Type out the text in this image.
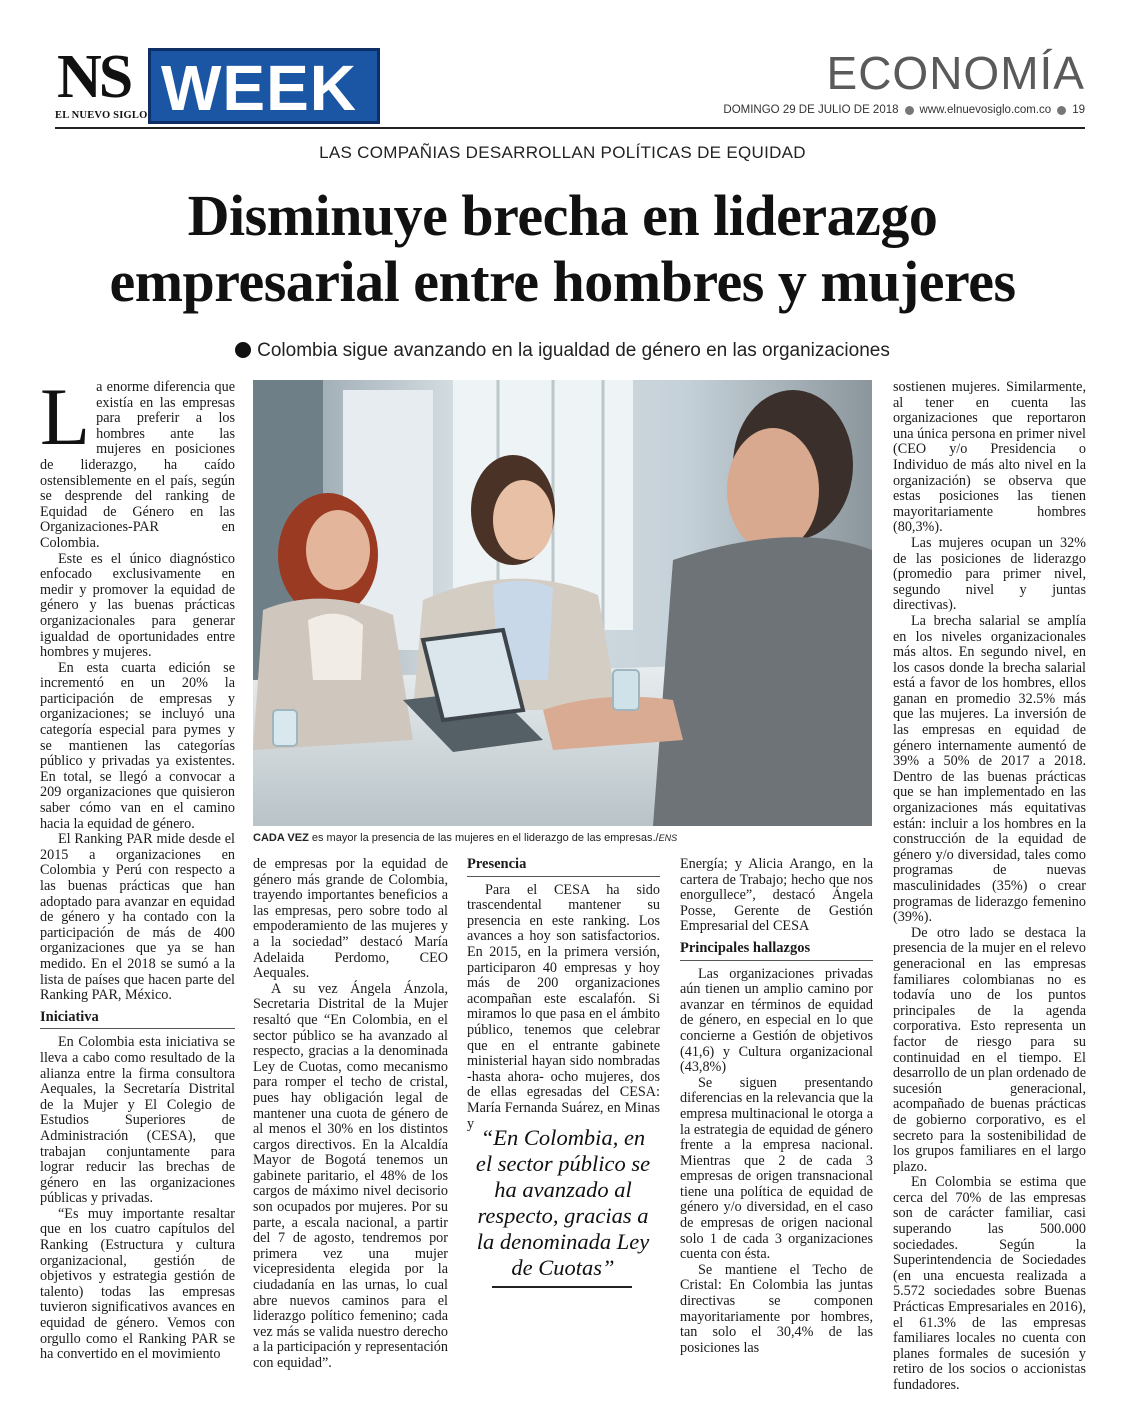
NS
EL NUEVO SIGLO WEEK	ECONOMÍA
DOMINGO 29 DE JULIO DE 2018 www.elnuevosiglo.com.co 19
LAS COMPAÑIAS DESARROLLAN POLÍTICAS DE EQUIDAD
Disminuye brecha en liderazgo
empresarial entre hombres y mujeres
Colombia sigue avanzando en la igualdad de género en las organizaciones

La enorme diferencia que existía en las empresas para preferir a los hombres ante las mujeres en posiciones de liderazgo, ha caído ostensiblemente en el país, según se desprende del ranking de Equidad de Género en las Organizaciones-PAR en Colombia.

Este es el único diagnóstico enfocado exclusivamente en medir y promover la equidad de género y las buenas prácticas organizacionales para generar igualdad de oportunidades entre hombres y mujeres.

En esta cuarta edición se incrementó en un 20% la participación de empresas y organizaciones; se incluyó una categoría especial para pymes y se mantienen las categorías público y privadas ya existentes. En total, se llegó a convocar a 209 organizaciones que quisieron saber cómo van en el camino hacia la equidad de género.

El Ranking PAR mide desde el 2015 a organizaciones en Colombia y Perú con respecto a las buenas prácticas que han adoptado para avanzar en equidad de género y ha contado con la participación de más de 400 organizaciones que ya se han medido. En el 2018 se sumó a la lista de países que hacen parte del Ranking PAR, México.

Iniciativa

En Colombia esta iniciativa se lleva a cabo como resultado de la alianza entre la firma consultora Aequales, la Secretaría Distrital de la Mujer y El Colegio de Estudios Superiores de Administración (CESA), que trabajan conjuntamente para lograr reducir las brechas de género en las organizaciones públicas y privadas.

“Es muy importante resaltar que en los cuatro capítulos del Ranking (Estructura y cultura organizacional, gestión de objetivos y estrategia gestión de talento) todas las empresas tuvieron significativos avances en equidad de género. Vemos con orgullo como el Ranking PAR se ha convertido en el movimiento

CADA VEZ es mayor la presencia de las mujeres en el liderazgo de las empresas./ENS

de empresas por la equidad de género más grande de Colombia, trayendo importantes beneficios a las empresas, pero sobre todo al empoderamiento de las mujeres y a la sociedad” destacó María Adelaida Perdomo, CEO Aequales.

A su vez Ángela Ánzola, Secretaria Distrital de la Mujer resaltó que “En Colombia, en el sector público se ha avanzado al respecto, gracias a la denominada Ley de Cuotas, como mecanismo para romper el techo de cristal, pues hay obligación legal de mantener una cuota de género de al menos el 30% en los distintos cargos directivos. En la Alcaldía Mayor de Bogotá tenemos un gabinete paritario, el 48% de los cargos de máximo nivel decisorio son ocupados por mujeres. Por su parte, a escala nacional, a partir del 7 de agosto, tendremos por primera vez una mujer vicepresidenta elegida por la ciudadanía en las urnas, lo cual abre nuevos caminos para el liderazgo político femenino; cada vez más se valida nuestro derecho a la participación y representación con equidad”.

Presencia

Para el CESA ha sido trascendental mantener su presencia en este ranking. Los avances a hoy son satisfactorios. En 2015, en la primera versión, participaron 40 empresas y hoy más de 200 organizaciones acompañan este escalafón. Si miramos lo que pasa en el ámbito público, tenemos que celebrar que en el entrante gabinete ministerial hayan sido nombradas -hasta ahora- ocho mujeres, dos de ellas egresadas del CESA: María Fernanda Suárez, en Minas y

“En Colombia, en el sector público se ha avanzado al respecto, gracias a la denominada Ley de Cuotas”

Energía; y Alicia Arango, en la cartera de Trabajo; hecho que nos enorgullece”, destacó Ángela Posse, Gerente de Gestión Empresarial del CESA

Principales hallazgos

Las organizaciones privadas aún tienen un amplio camino por avanzar en términos de equidad de género, en especial en lo que concierne a Gestión de objetivos (41,6) y Cultura organizacional (43,8%)

Se siguen presentando diferencias en la relevancia que la empresa multinacional le otorga a la estrategia de equidad de género frente a la empresa nacional. Mientras que 2 de cada 3 empresas de origen transnacional tiene una política de equidad de género y/o diversidad, en el caso de empresas de origen nacional solo 1 de cada 3 organizaciones cuenta con ésta.

Se mantiene el Techo de Cristal: En Colombia las juntas directivas se componen mayoritariamente por hombres, tan solo el 30,4% de las posiciones las

sostienen mujeres. Similarmente, al tener en cuenta las organizaciones que reportaron una única persona en primer nivel (CEO y/o Presidencia o Individuo de más alto nivel en la organización) se observa que estas posiciones las tienen mayoritariamente hombres (80,3%).

Las mujeres ocupan un 32% de las posiciones de liderazgo (promedio para primer nivel, segundo nivel y juntas directivas).

La brecha salarial se amplía en los niveles organizacionales más altos. En segundo nivel, en los casos donde la brecha salarial está a favor de los hombres, ellos ganan en promedio 32.5% más que las mujeres. La inversión de las empresas en equidad de género internamente aumentó de 39% a 50% de 2017 a 2018. Dentro de las buenas prácticas que se han implementado en las organizaciones más equitativas están: incluir a los hombres en la construcción de la equidad de género y/o diversidad, tales como programas de nuevas masculinidades (35%) o crear programas de liderazgo femenino (39%).

De otro lado se destaca la presencia de la mujer en el relevo generacional en las empresas familiares colombianas no es todavía uno de los puntos principales de la agenda corporativa. Esto representa un factor de riesgo para su continuidad en el tiempo. El desarrollo de un plan ordenado de sucesión generacional, acompañado de buenas prácticas de gobierno corporativo, es el secreto para la sostenibilidad de los grupos familiares en el largo plazo.

En Colombia se estima que cerca del 70% de las empresas son de carácter familiar, casi superando las 500.000 sociedades. Según la Superintendencia de Sociedades (en una encuesta realizada a 5.572 sociedades sobre Buenas Prácticas Empresariales en 2016), el 61.3% de las empresas familiares locales no cuenta con planes formales de sucesión y retiro de los socios o accionistas fundadores.
